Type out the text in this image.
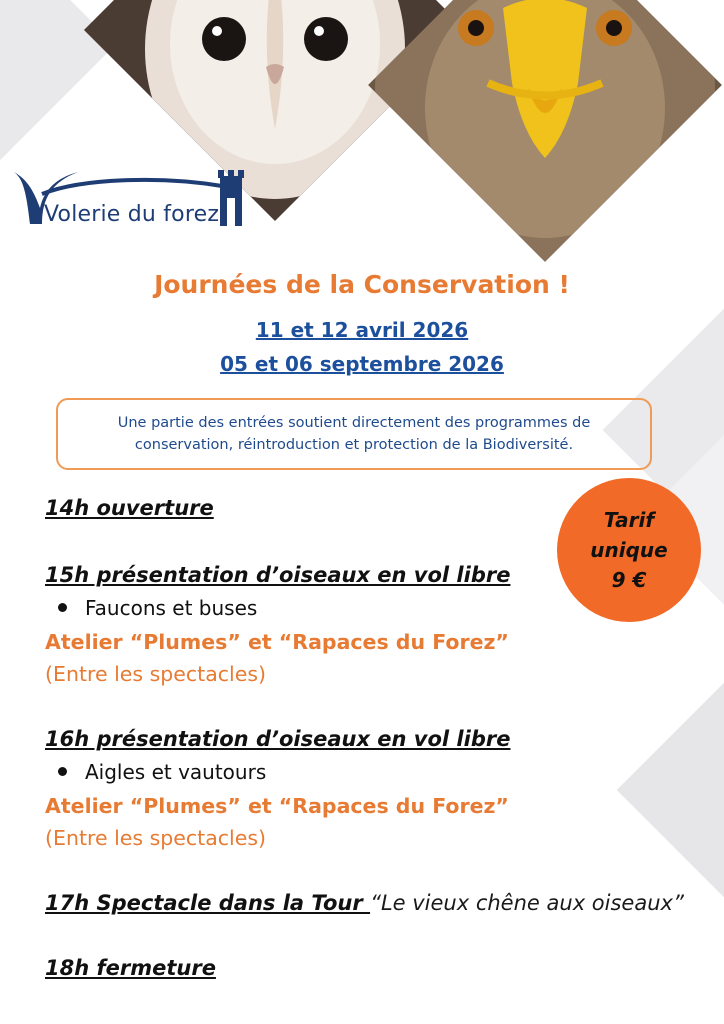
Volerie du forez
Journées de la Conservation !
11 et 12 avril 2026
05 et 06 septembre 2026
Une partie des entrées soutient directement des programmes de
conservation, réintroduction et protection de la Biodiversité.
Tarif
unique
9 €
14h ouverture
15h présentation d’oiseaux en vol libre
Faucons et buses
Atelier “Plumes” et “Rapaces du Forez”
(Entre les spectacles)
16h présentation d’oiseaux en vol libre
Aigles et vautours
Atelier “Plumes” et “Rapaces du Forez”
(Entre les spectacles)
17h Spectacle dans la Tour “Le vieux chêne aux oiseaux”
18h fermeture
